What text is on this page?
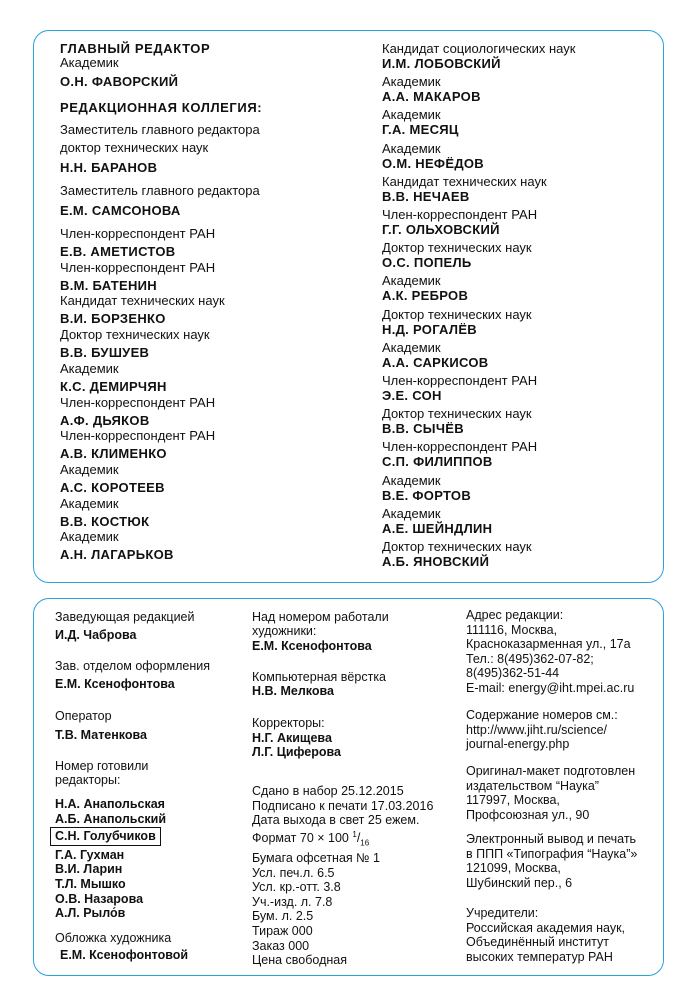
ГЛАВНЫЙ РЕДАКТОР
Академик
О.Н. ФАВОРСКИЙ
РЕДАКЦИОННАЯ КОЛЛЕГИЯ:
Заместитель главного редактора
доктор технических наук
Н.Н. БАРАНОВ
Заместитель главного редактора
Е.М. САМСОНОВА
Член-корреспондент РАН
Е.В. АМЕТИСТОВ
Член-корреспондент РАН
В.М. БАТЕНИН
Кандидат технических наук
В.И. БОРЗЕНКО
Доктор технических наук
В.В. БУШУЕВ
Академик
К.С. ДЕМИРЧЯН
Член-корреспондент РАН
А.Ф. ДЬЯКОВ
Член-корреспондент РАН
А.В. КЛИМЕНКО
Академик
А.С. КОРОТЕЕВ
Академик
В.В. КОСТЮК
Академик
А.Н. ЛАГАРЬКОВ
Кандидат социологических наук
И.М. ЛОБОВСКИЙ
Академик
А.А. МАКАРОВ
Академик
Г.А. МЕСЯЦ
Академик
О.М. НЕФЁДОВ
Кандидат технических наук
В.В. НЕЧАЕВ
Член-корреспондент РАН
Г.Г. ОЛЬХОВСКИЙ
Доктор технических наук
О.С. ПОПЕЛЬ
Академик
А.К. РЕБРОВ
Доктор технических наук
Н.Д. РОГАЛЁВ
Академик
А.А. САРКИСОВ
Член-корреспондент РАН
Э.Е. СОН
Доктор технических наук
В.В. СЫЧЁВ
Член-корреспондент РАН
С.П. ФИЛИППОВ
Академик
В.Е. ФОРТОВ
Академик
А.Е. ШЕЙНДЛИН
Доктор технических наук
А.Б. ЯНОВСКИЙ
Заведующая редакцией
И.Д. Чаброва
Зав. отделом оформления
Е.М. Ксенофонтова
Оператор
Т.В. Матенкова
Номер готовили
редакторы:
Н.А. Анапольская
А.Б. Анапольский
С.Н. Голубчиков
Г.А. Гухман
В.И. Ларин
Т.Л. Мышко
О.В. Назарова
А.Л. Рыло́в
Обложка художника
Е.М. Ксенофонтовой
Над номером работали
художники:
Е.М. Ксенофонтова
Компьютерная вёрстка
Н.В. Мелкова
Корректоры:
Н.Г. Акищева
Л.Г. Циферова
Сдано в набор 25.12.2015
Подписано к печати 17.03.2016
Дата выхода в свет 25 ежем.
Формат 70 × 100 $^1/_{16}$
Бумага офсетная № 1
Усл. печ.л. 6.5
Усл. кр.-отт. 3.8
Уч.-изд. л. 7.8
Бум. л. 2.5
Тираж 000
Заказ 000
Цена свободная
Адрес редакции:
111116, Москва,
Красноказарменная ул., 17а
Тел.: 8(495)362-07-82;
8(495)362-51-44
E-mail: energy@iht.mpei.ac.ru
Содержание номеров см.:
http://www.jiht.ru/science/
journal-energy.php
Оригинал-макет подготовлен
издательством “Наука”
117997, Москва,
Профсоюзная ул., 90
Электронный вывод и печать
в ППП «Типография “Наука”»
121099, Москва,
Шубинский пер., 6
Учредители:
Российская академия наук,
Объединённый институт
высоких температур РАН
